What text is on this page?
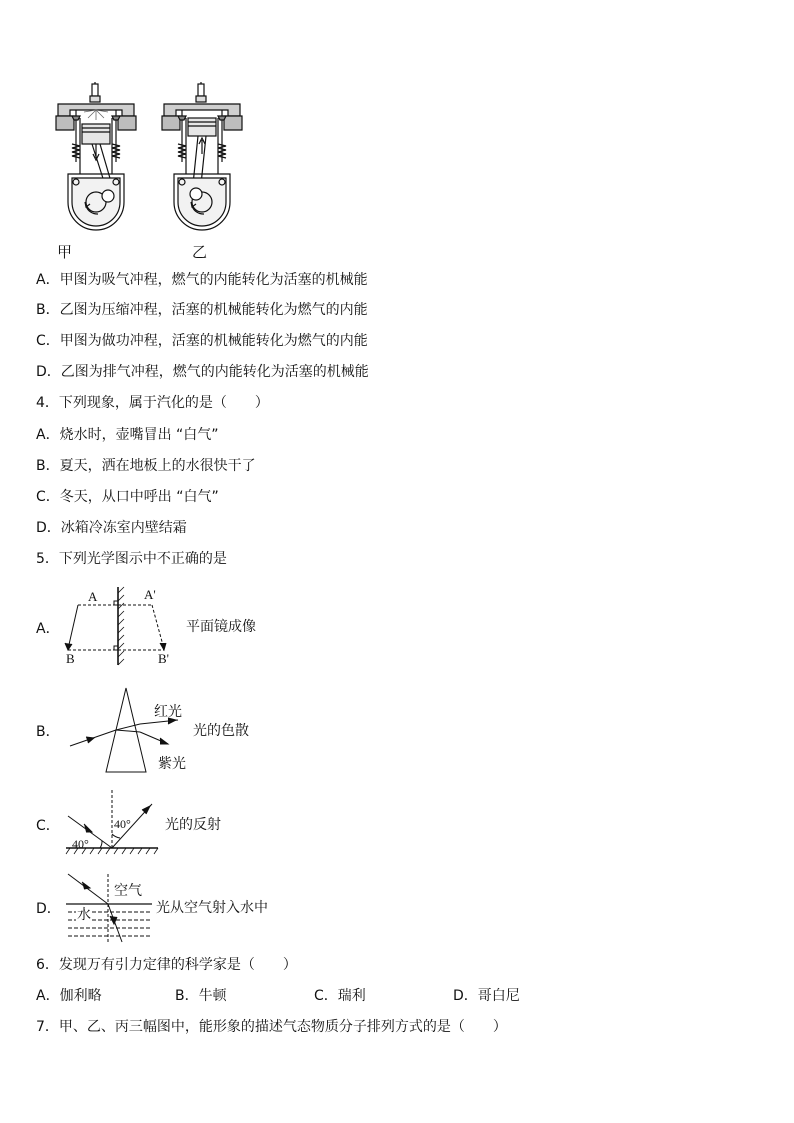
甲	乙
A．甲图为吸气冲程，燃气的内能转化为活塞的机械能
B．乙图为压缩冲程，活塞的机械能转化为燃气的内能
C．甲图为做功冲程，活塞的机械能转化为燃气的内能
D．乙图为排气冲程，燃气的内能转化为活塞的机械能
4．下列现象，属于汽化的是（　　）
A．烧水时，壶嘴冒出 “白气”
B．夏天，洒在地板上的水很快干了
C．冬天，从口中呼出 “白气”
D．冰箱冷冻室内壁结霜
5．下列光学图示中不正确的是
A．
A	A'
B	B'
平面镜成像
B．
红光
紫光
光的色散
C．	40°
40°
光的反射
D．
空气
水	光从空气射入水中
6．发现万有引力定律的科学家是（　　）
A．伽利略	B．牛顿	C．瑞利	D．哥白尼
7．甲、乙、丙三幅图中，能形象的描述气态物质分子排列方式的是（　　）
